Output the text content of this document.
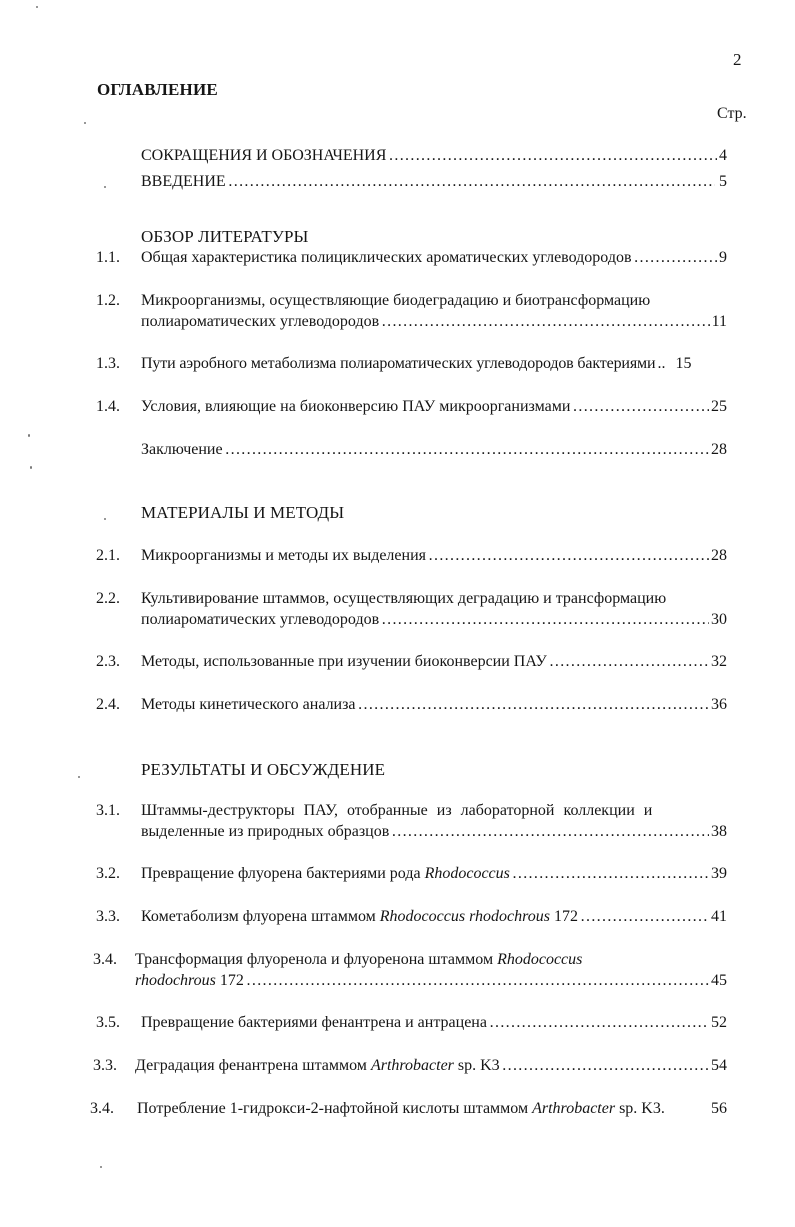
2
ОГЛАВЛЕНИЕ
Стр.
СОКРАЩЕНИЯ И ОБОЗНАЧЕНИЯ ……………………………………………………………………………………………………………………………………………………………………………………………………	4
ВВЕДЕНИЕ ……………………………………………………………………………………………………………………………………………………………………………………………………	5
ОБЗОР ЛИТЕРАТУРЫ
1.1. Общая характеристика полициклических ароматических углеводородов ……………………………………………………………………………………………………………………………………………………………………………………………………	9
1.2. Микроорганизмы, осуществляющие биодеградацию и биотрансформацию
полиароматических углеводородов ……………………………………………………………………………………………………………………………………………………………………………………………………	11
1.3. Пути аэробного метаболизма полиароматических углеводородов бактериями .. 15
1.4. Условия, влияющие на биоконверсию ПАУ микроорганизмами ……………………………………………………………………………………………………………………………………………………………………………………………………	25
Заключение ……………………………………………………………………………………………………………………………………………………………………………………………………	28
МАТЕРИАЛЫ И МЕТОДЫ
2.1. Микроорганизмы и методы их выделения ……………………………………………………………………………………………………………………………………………………………………………………………………	28
2.2. Культивирование штаммов, осуществляющих деградацию и трансформацию
полиароматических углеводородов ……………………………………………………………………………………………………………………………………………………………………………………………………	30
2.3. Методы, использованные при изучении биоконверсии ПАУ ……………………………………………………………………………………………………………………………………………………………………………………………………	32
2.4. Методы кинетического анализа ……………………………………………………………………………………………………………………………………………………………………………………………………	36
РЕЗУЛЬТАТЫ И ОБСУЖДЕНИЕ
3.1. Штаммы-деструкторы ПАУ, отобранные из лабораторной коллекции и
выделенные из природных образцов ……………………………………………………………………………………………………………………………………………………………………………………………………	38
3.2. Превращение флуорена бактериями рода Rhodococcus ……………………………………………………………………………………………………………………………………………………………………………………………………	39
3.3. Кометаболизм флуорена штаммом Rhodococcus rhodochrous 172 ……………………………………………………………………………………………………………………………………………………………………………………………………	41
3.4. Трансформация флуоренола и флуоренона штаммом Rhodococcus
rhodochrous 172 ……………………………………………………………………………………………………………………………………………………………………………………………………	45
3.5. Превращение бактериями фенантрена и антрацена ……………………………………………………………………………………………………………………………………………………………………………………………………	52
3.3. Деградация фенантрена штаммом Arthrobacter sp. K3 ……………………………………………………………………………………………………………………………………………………………………………………………………	54
3.4. Потребление 1-гидрокси-2-нафтойной кислоты штаммом Arthrobacter sp. K3.	56
